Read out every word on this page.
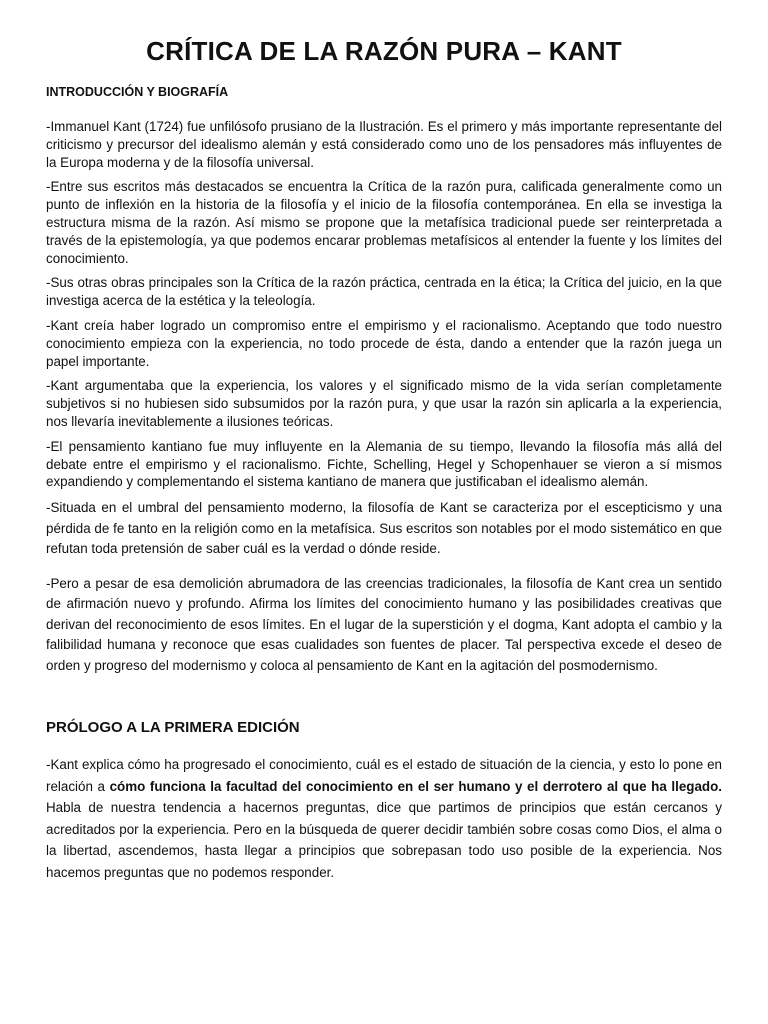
CRÍTICA DE LA RAZÓN PURA – KANT
INTRODUCCIÓN Y BIOGRAFÍA

-Immanuel Kant (1724) fue unfilósofo prusiano de la Ilustración. Es el primero y más importante representante del criticismo y precursor del idealismo alemán y está considerado como uno de los pensadores más influyentes de la Europa moderna y de la filosofía universal.

-Entre sus escritos más destacados se encuentra la Crítica de la razón pura, calificada generalmente como un punto de inflexión en la historia de la filosofía y el inicio de la filosofía contemporánea. En ella se investiga la estructura misma de la razón. Así mismo se propone que la metafísica tradicional puede ser reinterpretada a través de la epistemología, ya que podemos encarar problemas metafísicos al entender la fuente y los límites del conocimiento.

-Sus otras obras principales son la Crítica de la razón práctica, centrada en la ética; la Crítica del juicio, en la que investiga acerca de la estética y la teleología.

-Kant creía haber logrado un compromiso entre el empirismo y el racionalismo. Aceptando que todo nuestro conocimiento empieza con la experiencia, no todo procede de ésta, dando a entender que la razón juega un papel importante.

-Kant argumentaba que la experiencia, los valores y el significado mismo de la vida serían completamente subjetivos si no hubiesen sido subsumidos por la razón pura, y que usar la razón sin aplicarla a la experiencia, nos llevaría inevitablemente a ilusiones teóricas.

-El pensamiento kantiano fue muy influyente en la Alemania de su tiempo, llevando la filosofía más allá del debate entre el empirismo y el racionalismo. Fichte, Schelling, Hegel y Schopenhauer se vieron a sí mismos expandiendo y complementando el sistema kantiano de manera que justificaban el idealismo alemán.

-Situada en el umbral del pensamiento moderno, la filosofía de Kant se caracteriza por el escepticismo y una pérdida de fe tanto en la religión como en la metafísica. Sus escritos son notables por el modo sistemático en que refutan toda pretensión de saber cuál es la verdad o dónde reside.

-Pero a pesar de esa demolición abrumadora de las creencias tradicionales, la filosofía de Kant crea un sentido de afirmación nuevo y profundo. Afirma los límites del conocimiento humano y las posibilidades creativas que derivan del reconocimiento de esos límites. En el lugar de la superstición y el dogma, Kant adopta el cambio y la falibilidad humana y reconoce que esas cualidades son fuentes de placer. Tal perspectiva excede el deseo de orden y progreso del modernismo y coloca al pensamiento de Kant en la agitación del posmodernismo.

PRÓLOGO A LA PRIMERA EDICIÓN

-Kant explica cómo ha progresado el conocimiento, cuál es el estado de situación de la ciencia, y esto lo pone en relación a cómo funciona la facultad del conocimiento en el ser humano y el derrotero al que ha llegado. Habla de nuestra tendencia a hacernos preguntas, dice que partimos de principios que están cercanos y acreditados por la experiencia. Pero en la búsqueda de querer decidir también sobre cosas como Dios, el alma o la libertad, ascendemos, hasta llegar a principios que sobrepasan todo uso posible de la experiencia. Nos hacemos preguntas que no podemos responder.
